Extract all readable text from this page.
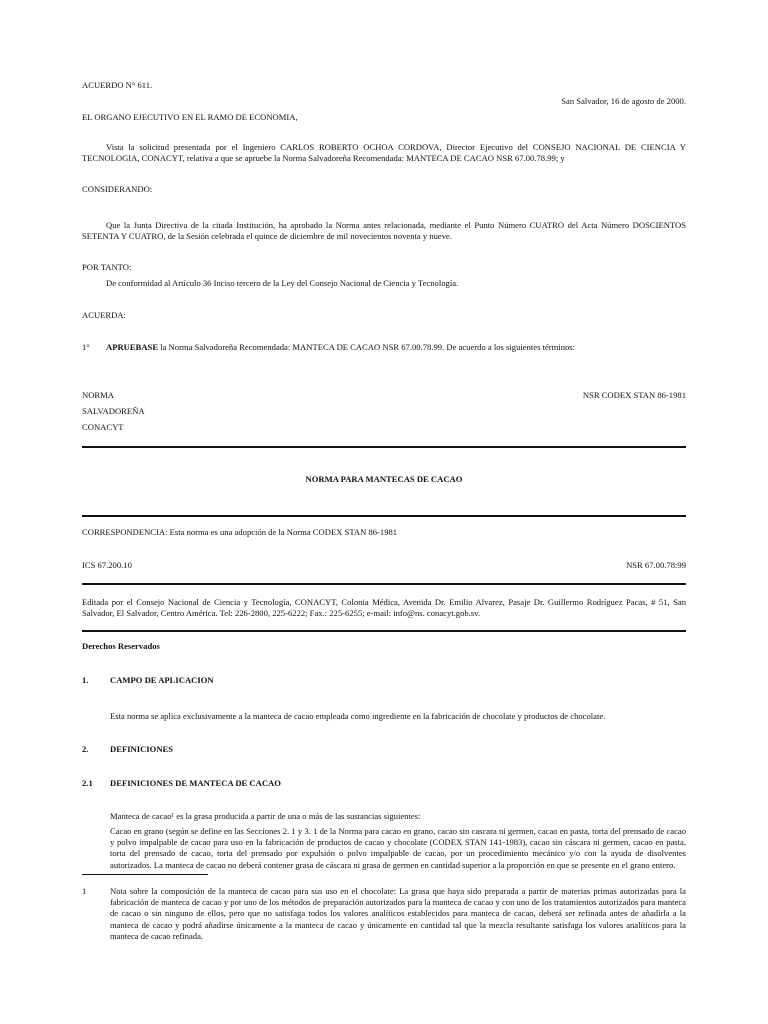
ACUERDO N° 611.
San Salvador, 16 de agosto de 2000.
EL ORGANO EJECUTIVO EN EL RAMO DE ECONOMIA,
Vista la solicitud presentada por el Ingeniero CARLOS ROBERTO OCHOA CORDOVA, Director Ejecutivo del CONSEJO NACIONAL DE CIENCIA Y TECNOLOGIA, CONACYT, relativa a que se apruebe la Norma Salvadoreña Recomendada: MANTECA DE CACAO NSR 67.00.78.99; y
CONSIDERANDO:
Que la Junta Directiva de la citada Institución, ha aprobado la Norma antes relacionada, mediante el Punto Número CUATRO del Acta Número DOSCIENTOS SETENTA Y CUATRO, de la Sesión celebrada el quince de diciembre de mil novecientos noventa y nueve.
POR TANTO:
De conformidad al Artículo 36 Inciso tercero de la Ley del Consejo Nacional de Ciencia y Tecnología.
ACUERDA:
1° APRUEBASE la Norma Salvadoreña Recomendada: MANTECA DE CACAO NSR 67.00.78.99. De acuerdo a los siguientes términos:
NORMA	NSR CODEX STAN 86-1981
SALVADOREÑA
CONACYT
NORMA PARA MANTECAS DE CACAO
CORRESPONDENCIA: Esta norma es una adopción de la Norma CODEX STAN 86-1981
ICS 67.200.10	NSR 67.00.78:99
Editada por el Consejo Nacional de Ciencia y Tecnología, CONACYT, Colonia Médica, Avenida Dr. Emilio Alvarez, Pasaje Dr. Guillermo Rodríguez Pacas, # 51, San Salvador, El Salvador, Centro América. Tel: 226-2800, 225-6222; Fax.: 225-6255; e-mail: info@ns. conacyt.gob.sv.
Derechos Reservados
1.	CAMPO DE APLICACION
Esta norma se aplica exclusivamente a la manteca de cacao empleada como ingrediente en la fabricación de chocolate y productos de chocolate.
2.	DEFINICIONES
2.1 DEFINICIONES DE MANTECA DE CACAO
Manteca de cacao¹ es la grasa producida a partir de una o más de las sustancias siguientes:
Cacao en grano (según se define en las Secciones 2. 1 y 3. 1 de la Norma para cacao en grano, cacao sin cascara ni germen, cacao en pasta, torta del prensado de cacao y polvo impalpable de cacao para uso en la fabricación de productos de cacao y chocolate (CODEX STAN 141-1983), cacao sin cáscara ni germen, cacao en pasta, torta del prensado de cacao, torta del prensado por expulsión o polvo impalpable de cacao, por un procedimiento mecánico y/o con la ayuda de disolventes autorizados. La manteca de cacao no deberá contener grasa de cáscara ni grasa de germen en cantidad superior a la proporción en que se presente en el grano entero.
1	Nota sobre la composición de la manteca de cacao para sus uso en el chocolate: La grasa que haya sido preparada a partir de materias primas autorizadas para la fabricación de manteca de cacao y por uno de los métodos de preparación autorizados para la manteca de cacao y con uno de los tratamientos autorizados para manteca de cacao o sin ninguno de ellos, pero que no satisfaga todos los valores analíticos establecidos para manteca de cacao, deberá ser refinada antes de añadirla a la manteca de cacao y podrá añadirse únicamente a la manteca de cacao y únicamente en cantidad tal que la mezcla resultante satisfaga los valores analíticos para la manteca de cacao refinada.
